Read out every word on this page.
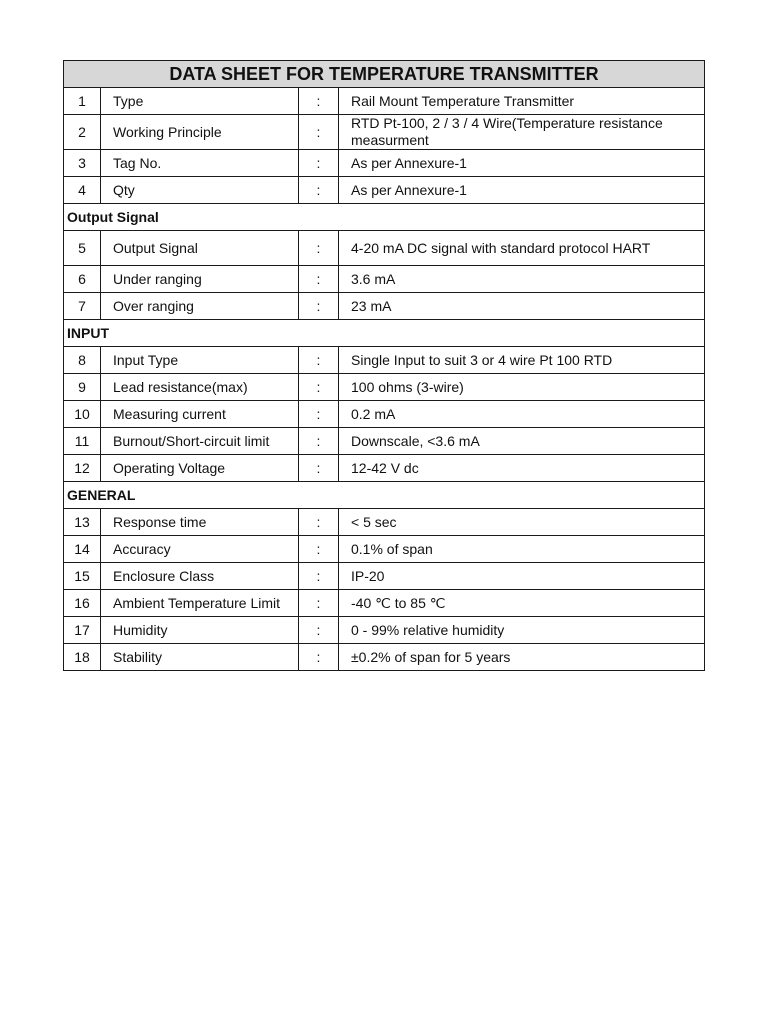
DATA SHEET FOR TEMPERATURE TRANSMITTER			
1	Type	:	Rail Mount Temperature Transmitter
2	Working Principle	:	RTD Pt-100, 2 / 3 / 4 Wire(Temperature resistance measurment
3	Tag No.	:	As per Annexure-1
4	Qty	:	As per Annexure-1
Output Signal			
5	Output Signal	:	4-20 mA DC signal with standard protocol HART
6	Under ranging	:	3.6 mA
7	Over ranging	:	23 mA
INPUT			
8	Input Type	:	Single Input to suit 3 or 4 wire Pt 100 RTD
9	Lead resistance(max)	:	100 ohms (3-wire)
10	Measuring current	:	0.2 mA
11	Burnout/Short-circuit limit	:	Downscale, <3.6 mA
12	Operating Voltage	:	12-42 V dc
GENERAL			
13	Response time	:	< 5 sec
14	Accuracy	:	0.1% of span
15	Enclosure Class	:	IP-20
16	Ambient Temperature Limit	:	-40 ℃ to 85 ℃
17	Humidity	:	0 - 99% relative humidity
18	Stability	:	±0.2% of span for 5 years
